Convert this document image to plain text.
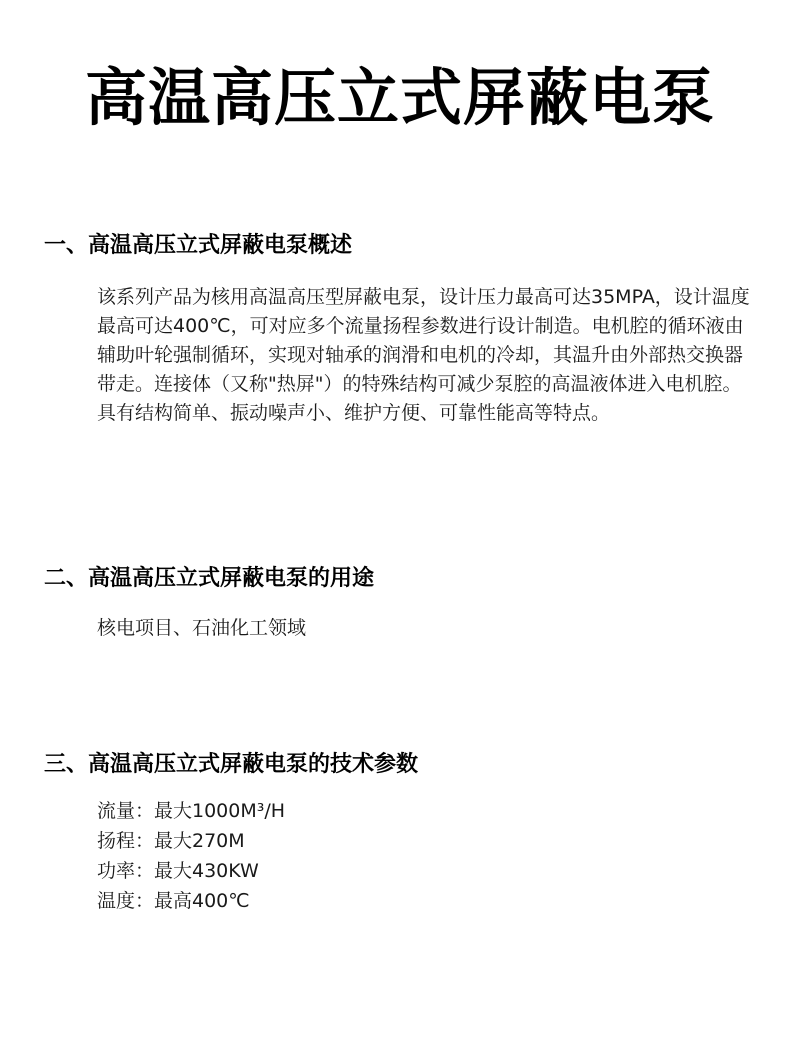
高温高压立式屏蔽电泵
一、高温高压立式屏蔽电泵概述

该系列产品为核用高温高压型屏蔽电泵，设计压力最高可达35MPA，设计温度最高可达400℃，可对应多个流量扬程参数进行设计制造。电机腔的循环液由辅助叶轮强制循环，实现对轴承的润滑和电机的冷却，其温升由外部热交换器带走。连接体（又称"热屏"）的特殊结构可减少泵腔的高温液体进入电机腔。具有结构简单、振动噪声小、维护方便、可靠性能高等特点。

二、高温高压立式屏蔽电泵的用途

核电项目、石油化工领域

三、高温高压立式屏蔽电泵的技术参数
流量：最大1000M³/H
扬程：最大270M
功率：最大430KW
温度：最高400℃
